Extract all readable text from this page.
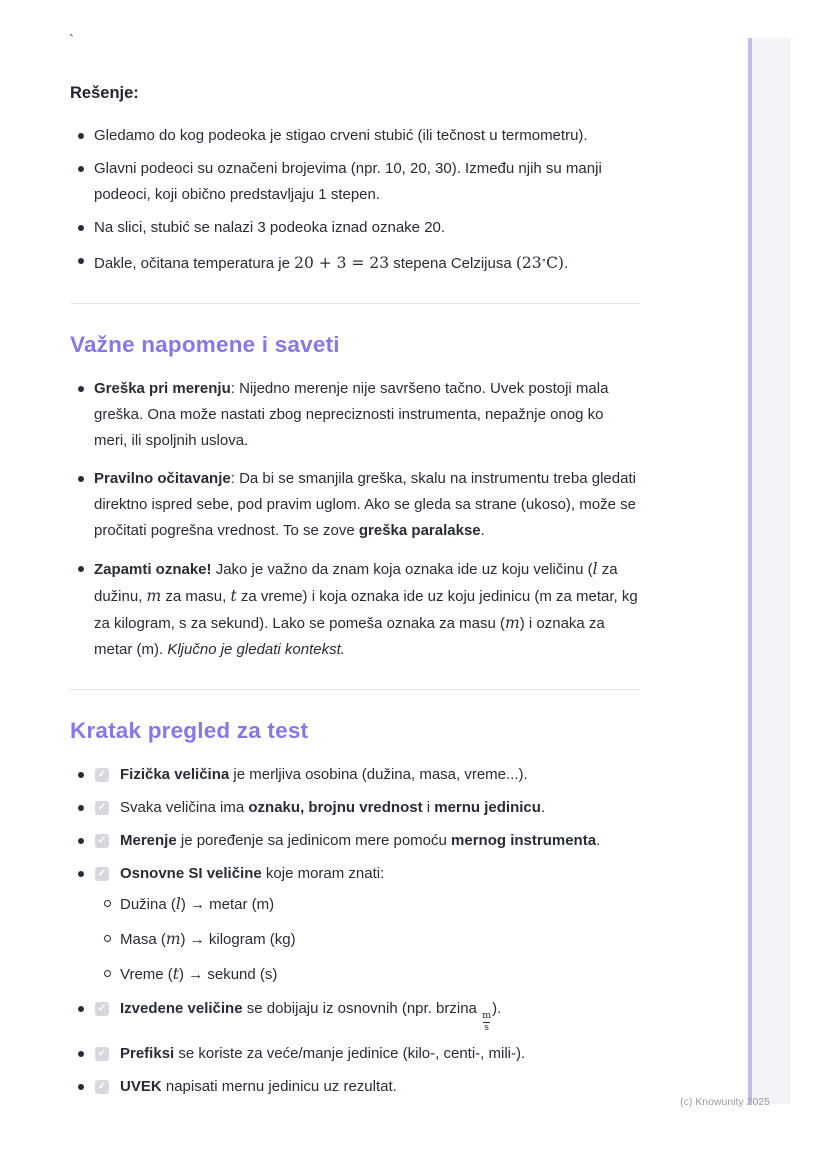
`

Rešenje:

Gledamo do kog podeoka je stigao crveni stubić (ili tečnost u termometru).
Glavni podeoci su označeni brojevima (npr. 10, 20, 30). Između njih su manji podeoci, koji obično predstavljaju 1 stepen.
Na slici, stubić se nalazi 3 podeoka iznad oznake 20.
Dakle, očitana temperatura je 20 + 3 = 23 stepena Celzijusa (23∘C).
Važne napomene i saveti
Greška pri merenju: Nijedno merenje nije savršeno tačno. Uvek postoji mala greška. Ona može nastati zbog nepreciznosti instrumenta, nepažnje onog ko meri, ili spoljnih uslova.
Pravilno očitavanje: Da bi se smanjila greška, skalu na instrumentu treba gledati direktno ispred sebe, pod pravim uglom. Ako se gleda sa strane (ukoso), može se pročitati pogrešna vrednost. To se zove greška paralakse.
Zapamti oznake! Jako je važno da znam koja oznaka ide uz koju veličinu (l za dužinu, m za masu, t za vreme) i koja oznaka ide uz koju jedinicu (m za metar, kg za kilogram, s za sekund). Lako se pomeša oznaka za masu (m) i oznaka za metar (m). Ključno je gledati kontekst.
Kratak pregled za test
✓ Fizička veličina je merljiva osobina (dužina, masa, vreme...).
✓ Svaka veličina ima oznaku, brojnu vrednost i mernu jedinicu.
✓ Merenje je poređenje sa jedinicom mere pomoću mernog instrumenta.
✓ Osnovne SI veličine koje moram znati:
Dužina (l) → metar (m)
Masa (m) → kilogram (kg)
Vreme (t) → sekund (s)
✓ Izvedene veličine se dobijaju iz osnovnih (npr. brzina
$\frac{m}{s}$
).
✓ Prefiksi se koriste za veće/manje jedinice (kilo-, centi-, mili-).
✓ UVEK napisati mernu jedinicu uz rezultat.
(c) Knowunity 2025
